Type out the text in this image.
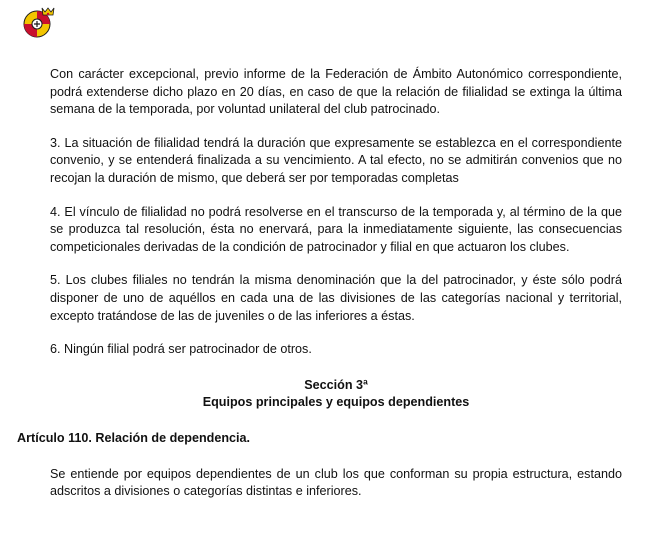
Con carácter excepcional, previo informe de la Federación de Ámbito Autonómico correspondiente, podrá extenderse dicho plazo en 20 días, en caso de que la relación de filialidad se extinga la última semana de la temporada, por voluntad unilateral del club patrocinado.

3. La situación de filialidad tendrá la duración que expresamente se establezca en el correspondiente convenio, y se entenderá finalizada a su vencimiento. A tal efecto, no se admitirán convenios que no recojan la duración de mismo, que deberá ser por temporadas completas

4. El vínculo de filialidad no podrá resolverse en el transcurso de la temporada y, al término de la que se produzca tal resolución, ésta no enervará, para la inmediatamente siguiente, las consecuencias competicionales derivadas de la condición de patrocinador y filial en que actuaron los clubes.

5. Los clubes filiales no tendrán la misma denominación que la del patrocinador, y éste sólo podrá disponer de uno de aquéllos en cada una de las divisiones de las categorías nacional y territorial, excepto tratándose de las de juveniles o de las inferiores a éstas.

6. Ningún filial podrá ser patrocinador de otros.

Sección 3ª

Equipos principales y equipos dependientes

Artículo 110. Relación de dependencia.

Se entiende por equipos dependientes de un club los que conforman su propia estructura, estando adscritos a divisiones o categorías distintas e inferiores.
